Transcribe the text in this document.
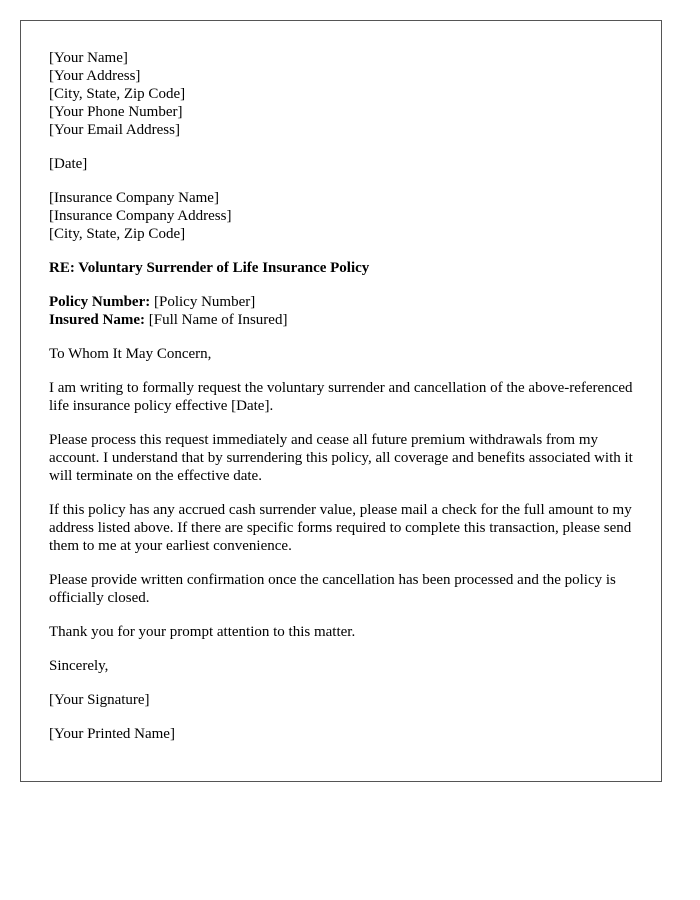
[Your Name]
[Your Address]
[City, State, Zip Code]
[Your Phone Number]
[Your Email Address]
[Date]
[Insurance Company Name]
[Insurance Company Address]
[City, State, Zip Code]
RE: Voluntary Surrender of Life Insurance Policy
Policy Number: [Policy Number]
Insured Name: [Full Name of Insured]
To Whom It May Concern,
I am writing to formally request the voluntary surrender and cancellation of the above-referenced life insurance policy effective [Date].
Please process this request immediately and cease all future premium withdrawals from my account. I understand that by surrendering this policy, all coverage and benefits associated with it will terminate on the effective date.
If this policy has any accrued cash surrender value, please mail a check for the full amount to my address listed above. If there are specific forms required to complete this transaction, please send them to me at your earliest convenience.
Please provide written confirmation once the cancellation has been processed and the policy is officially closed.
Thank you for your prompt attention to this matter.
Sincerely,
[Your Signature]
[Your Printed Name]
